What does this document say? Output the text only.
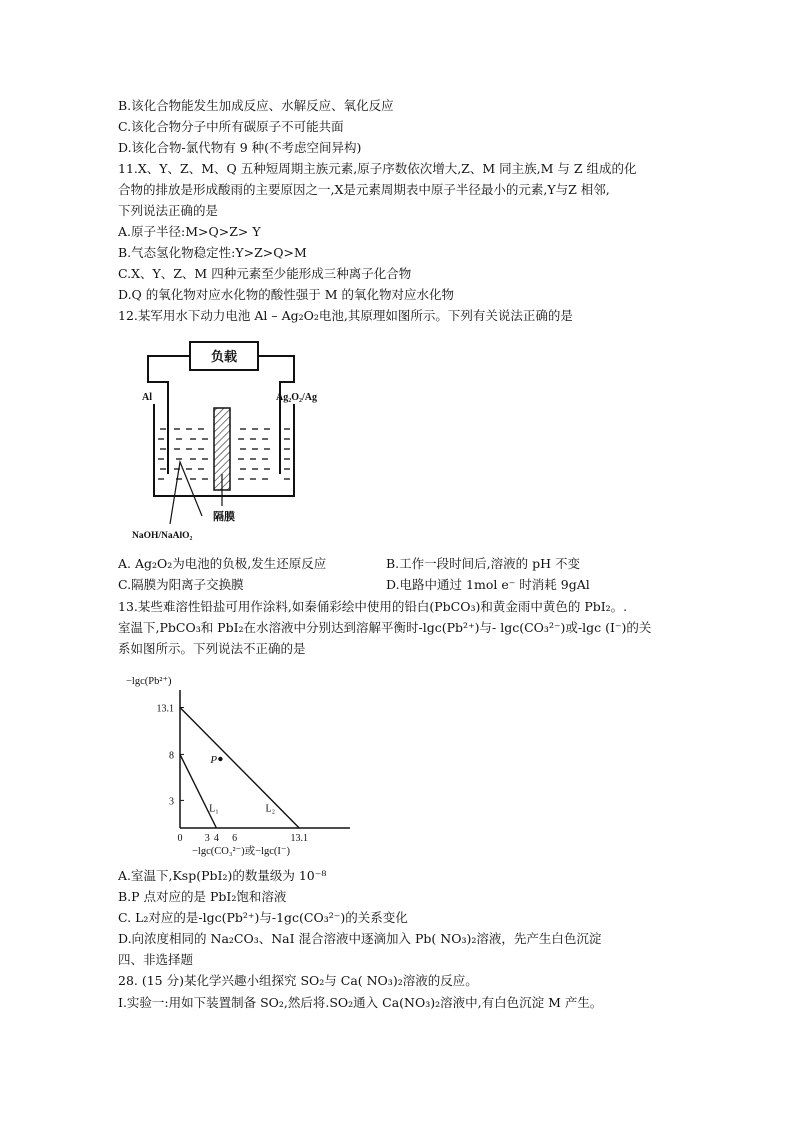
B.该化合物能发生加成反应、水解反应、氧化反应
C.该化合物分子中所有碳原子不可能共面
D.该化合物-氯代物有 9 种(不考虑空间异构)
11.X、Y、Z、M、Q 五种短周期主族元素,原子序数依次增大,Z、M 同主族,M 与 Z 组成的化
合物的排放是形成酸雨的主要原因之一,X是元素周期表中原子半径最小的元素,Y与Z 相邻,
下列说法正确的是
A.原子半径:M>Q>Z> Y
B.气态氢化物稳定性:Y>Z>Q>M
C.X、Y、Z、M 四种元素至少能形成三种离子化合物
D.Q 的氧化物对应水化物的酸性强于 M 的氧化物对应水化物
12.某军用水下动力电池 Al – Ag₂O₂电池,其原理如图所示。下列有关说法正确的是
负载
Al	Ag₂O₂/Ag
隔膜
NaOH/NaAlO₂
A. Ag₂O₂为电池的负极,发生还原反应	B.工作一段时间后,溶液的 pH 不变
C.隔膜为阳离子交换膜	D.电路中通过 1mol e⁻ 时消耗 9gAl
13.某些难溶性铅盐可用作涂料,如秦俑彩绘中使用的铅白(PbCO₃)和黄金雨中黄色的 PbI₂。.
室温下,PbCO₃和 PbI₂在水溶液中分别达到溶解平衡时-lgc(Pb²⁺)与- lgc(CO₃²⁻)或-lgc (I⁻)的关
系如图所示。下列说法不正确的是
−lgc(Pb²⁺)
−lgc(CO₃²⁻)或−lgc(I⁻)
L₁	L₂
P
0 3 4 6	13.1
13.1
8
3
A.室温下,Ksp(PbI₂)的数量级为 10⁻⁸
B.P 点对应的是 PbI₂饱和溶液
C. L₂对应的是-lgc(Pb²⁺)与-1gc(CO₃²⁻)的关系变化
D.向浓度相同的 Na₂CO₃、NaI 混合溶液中逐滴加入 Pb( NO₃)₂溶液，先产生白色沉淀
四、非选择题
28. (15 分)某化学兴趣小组探究 SO₂与 Ca( NO₃)₂溶液的反应。
I.实验一:用如下装置制备 SO₂,然后将.SO₂通入 Ca(NO₃)₂溶液中,有白色沉淀 M 产生。
